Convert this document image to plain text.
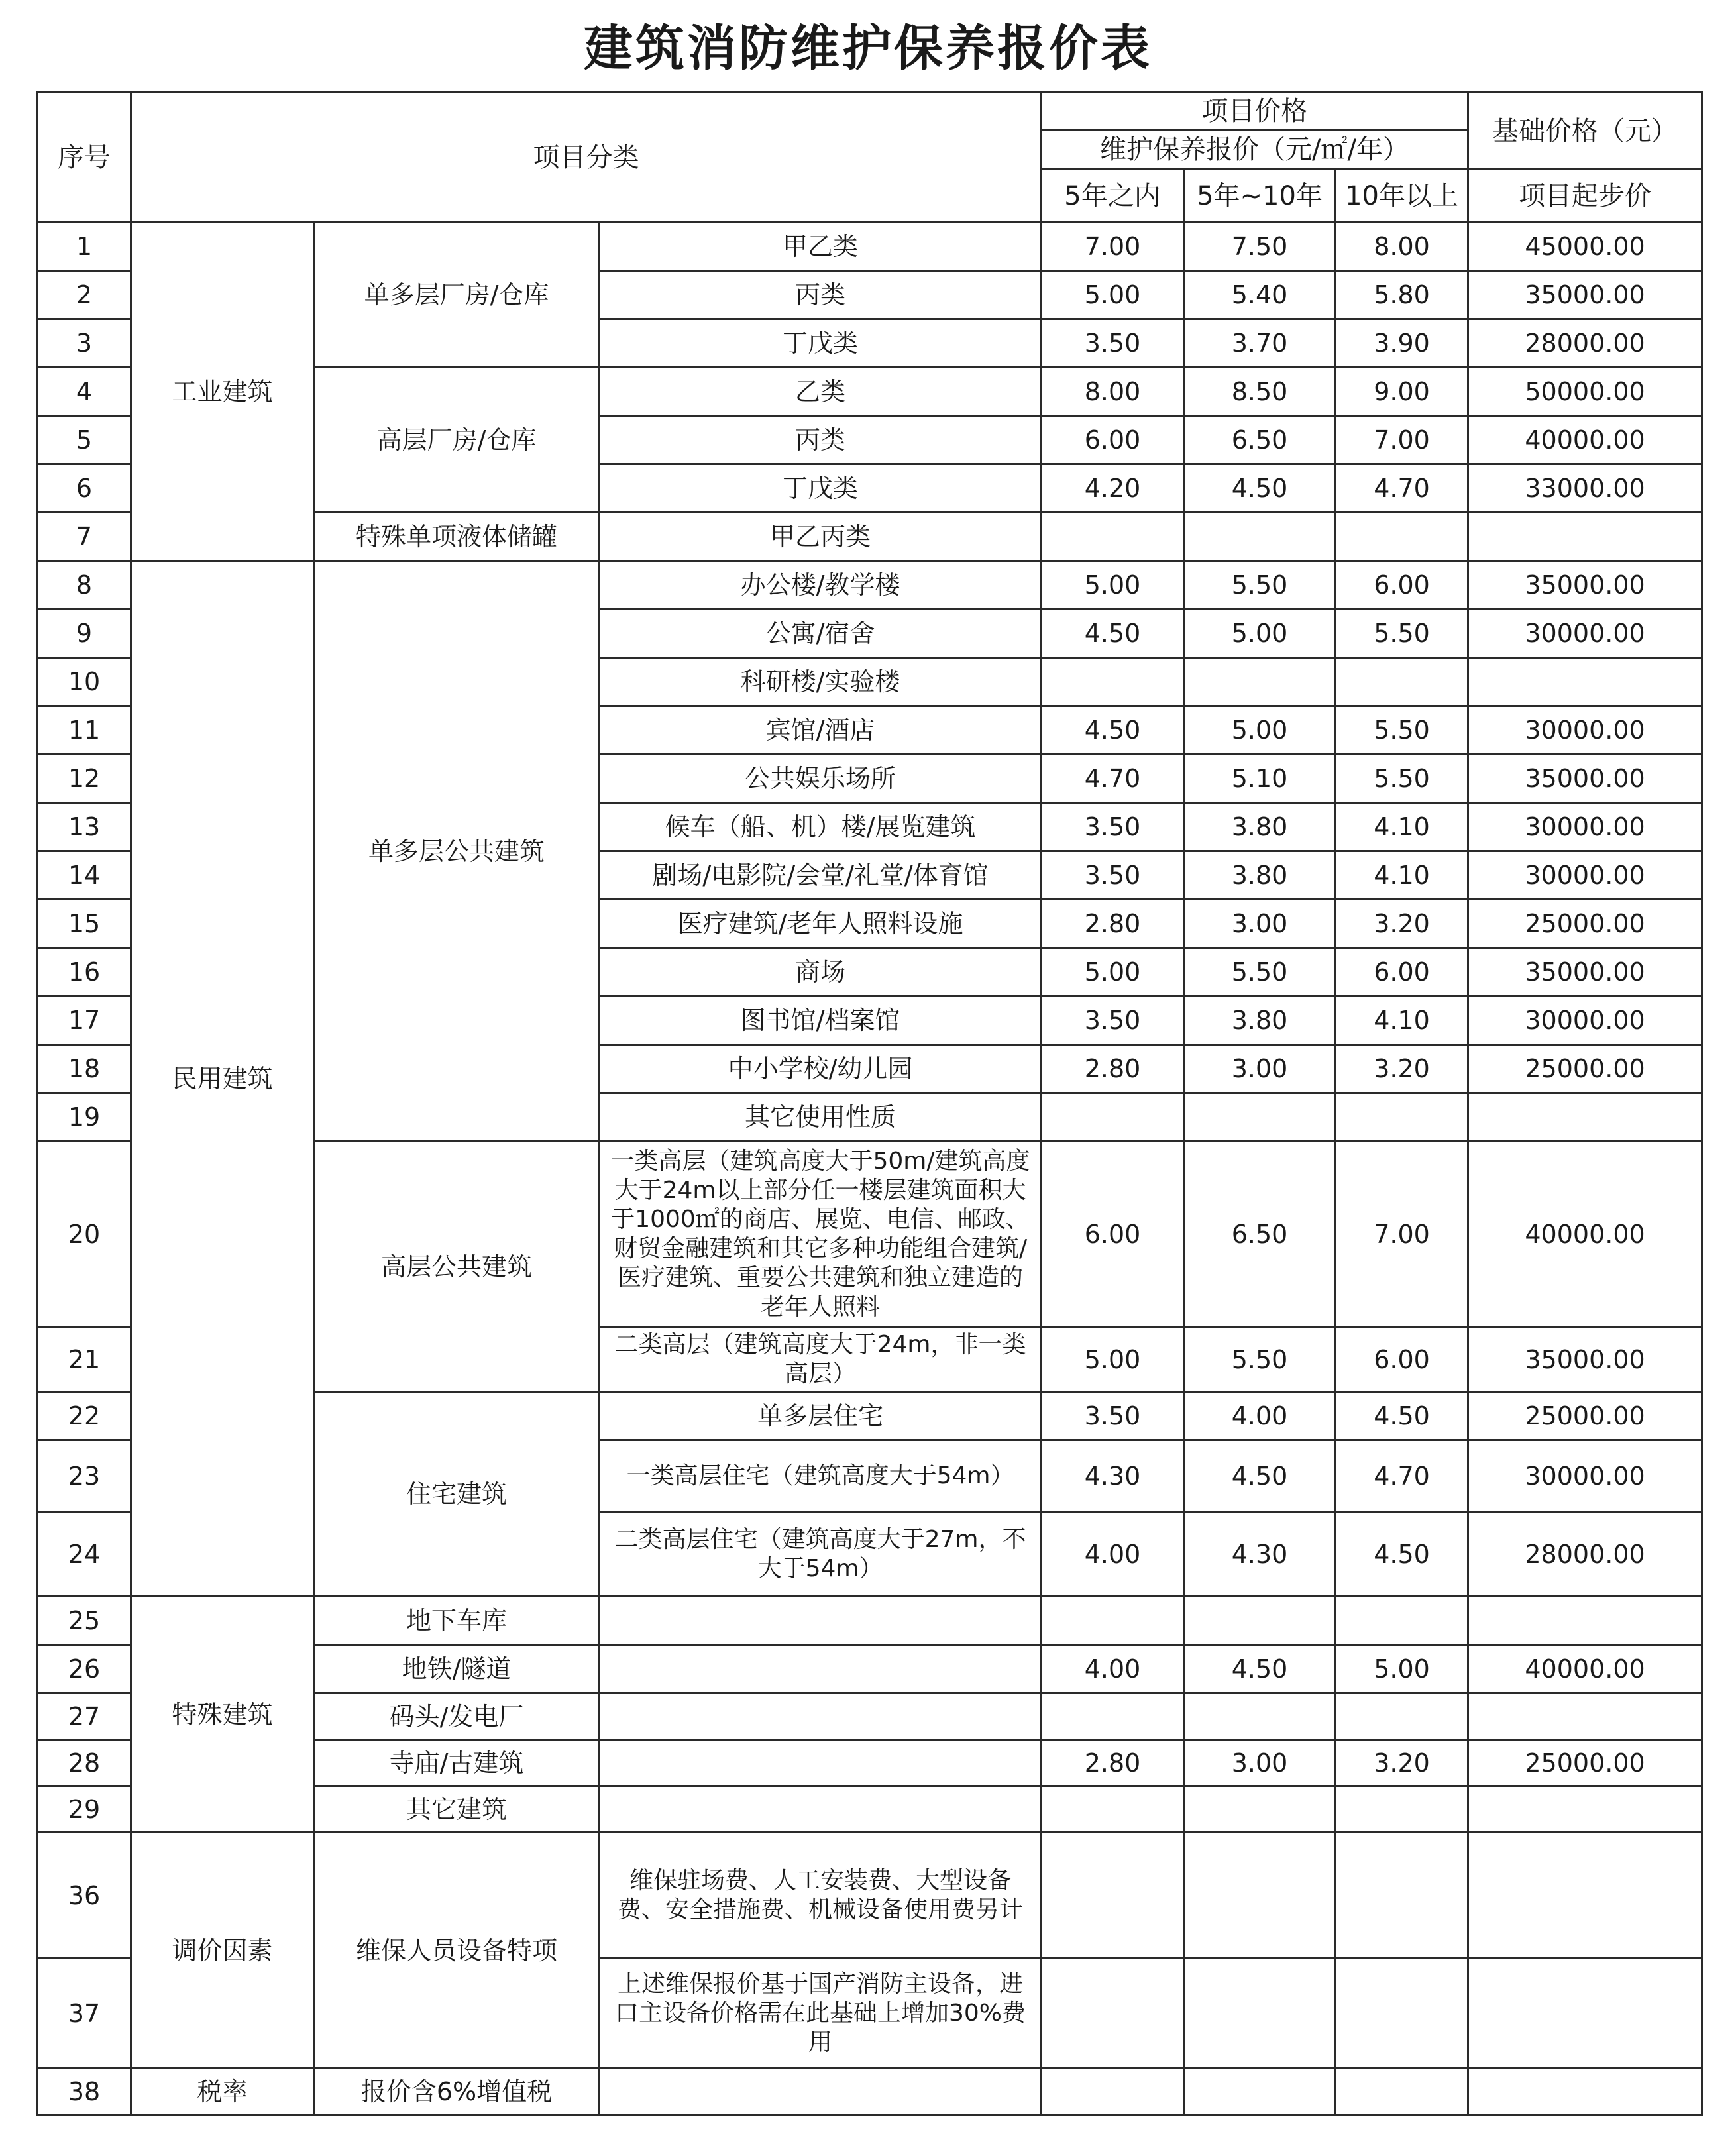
建筑消防维护保养报价表
序号	项目分类			项目价格			基础价格（元）
				维护保养报价（元/㎡/年）			
				5年之内	5年~10年	10年以上	项目起步价
1	工业建筑	单多层厂房/仓库	甲乙类	7.00	7.50	8.00	45000.00
2			丙类	5.00	5.40	5.80	35000.00
3			丁戊类	3.50	3.70	3.90	28000.00
4		高层厂房/仓库	乙类	8.00	8.50	9.00	50000.00
5			丙类	6.00	6.50	7.00	40000.00
6			丁戊类	4.20	4.50	4.70	33000.00
7		特殊单项液体储罐	甲乙丙类				
8	民用建筑	单多层公共建筑	办公楼/教学楼	5.00	5.50	6.00	35000.00
9			公寓/宿舍	4.50	5.00	5.50	30000.00
10			科研楼/实验楼				
11			宾馆/酒店	4.50	5.00	5.50	30000.00
12			公共娱乐场所	4.70	5.10	5.50	35000.00
13			候车（船、机）楼/展览建筑	3.50	3.80	4.10	30000.00
14			剧场/电影院/会堂/礼堂/体育馆	3.50	3.80	4.10	30000.00
15			医疗建筑/老年人照料设施	2.80	3.00	3.20	25000.00
16			商场	5.00	5.50	6.00	35000.00
17			图书馆/档案馆	3.50	3.80	4.10	30000.00
18			中小学校/幼儿园	2.80	3.00	3.20	25000.00
19			其它使用性质				
20		高层公共建筑	一类高层（建筑高度大于50m/建筑高度大于24m以上部分任一楼层建筑面积大于1000㎡的商店、展览、电信、邮政、财贸金融建筑和其它多种功能组合建筑/医疗建筑、重要公共建筑和独立建造的老年人照料	6.00	6.50	7.00	40000.00
21			二类高层（建筑高度大于24m，非一类高层）	5.00	5.50	6.00	35000.00
22		住宅建筑	单多层住宅	3.50	4.00	4.50	25000.00
23			一类高层住宅（建筑高度大于54m）	4.30	4.50	4.70	30000.00
24			二类高层住宅（建筑高度大于27m，不大于54m）	4.00	4.30	4.50	28000.00
25	特殊建筑	地下车库					
26		地铁/隧道		4.00	4.50	5.00	40000.00
27		码头/发电厂					
28		寺庙/古建筑		2.80	3.00	3.20	25000.00
29		其它建筑					
36	调价因素	维保人员设备特项	维保驻场费、人工安装费、大型设备费、安全措施费、机械设备使用费另计				
37			上述维保报价基于国产消防主设备，进口主设备价格需在此基础上增加30%费用				
38	税率	报价含6%增值税					
